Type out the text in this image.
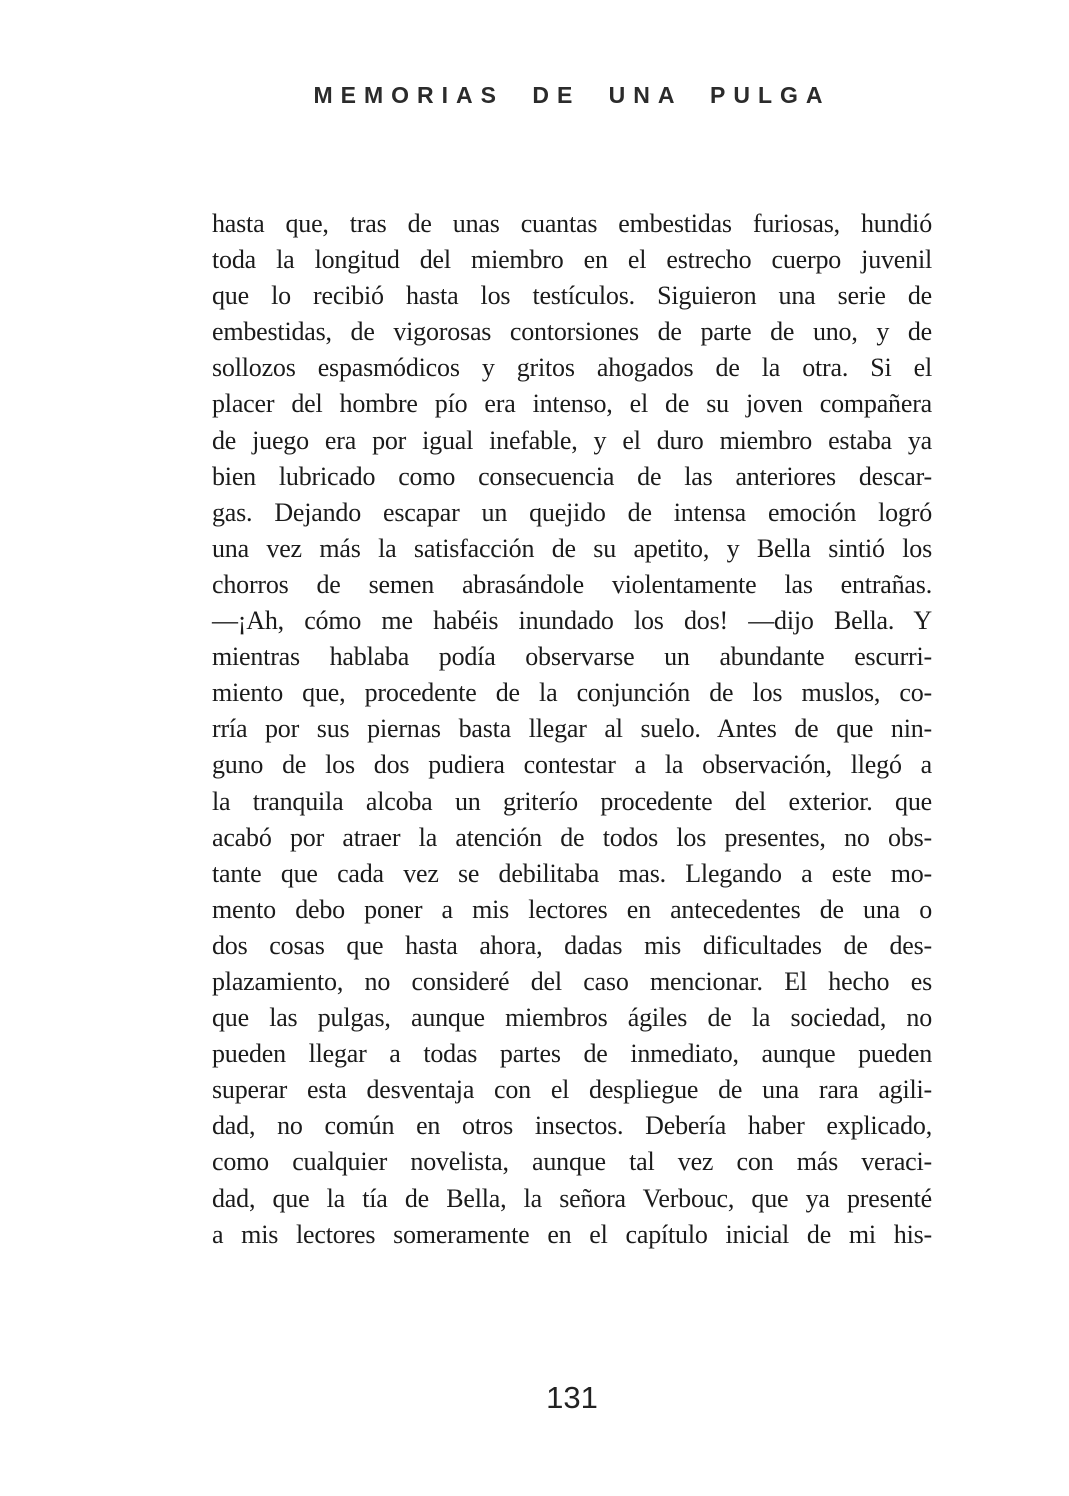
MEMORIAS DE UNA PULGA
hasta que, tras de unas cuantas embestidas furiosas, hundió
toda la longitud del miembro en el estrecho cuerpo juvenil
que lo recibió hasta los testículos. Siguieron una serie de
embestidas, de vigorosas contorsiones de parte de uno, y de
sollozos espasmódicos y gritos ahogados de la otra. Si el
placer del hombre pío era intenso, el de su joven compañera
de juego era por igual inefable, y el duro miembro estaba ya
bien lubricado como consecuencia de las anteriores descar-
gas. Dejando escapar un quejido de intensa emoción logró
una vez más la satisfacción de su apetito, y Bella sintió los
chorros de semen abrasándole violentamente las entrañas.
—¡Ah, cómo me habéis inundado los dos! —dijo Bella. Y
mientras hablaba podía observarse un abundante escurri-
miento que, procedente de la conjunción de los muslos, co-
rría por sus piernas basta llegar al suelo. Antes de que nin-
guno de los dos pudiera contestar a la observación, llegó a
la tranquila alcoba un griterío procedente del exterior. que
acabó por atraer la atención de todos los presentes, no obs-
tante que cada vez se debilitaba mas. Llegando a este mo-
mento debo poner a mis lectores en antecedentes de una o
dos cosas que hasta ahora, dadas mis dificultades de des-
plazamiento, no consideré del caso mencionar. El hecho es
que las pulgas, aunque miembros ágiles de la sociedad, no
pueden llegar a todas partes de inmediato, aunque pueden
superar esta desventaja con el despliegue de una rara agili-
dad, no común en otros insectos. Debería haber explicado,
como cualquier novelista, aunque tal vez con más veraci-
dad, que la tía de Bella, la señora Verbouc, que ya presenté
a mis lectores someramente en el capítulo inicial de mi his-
131
